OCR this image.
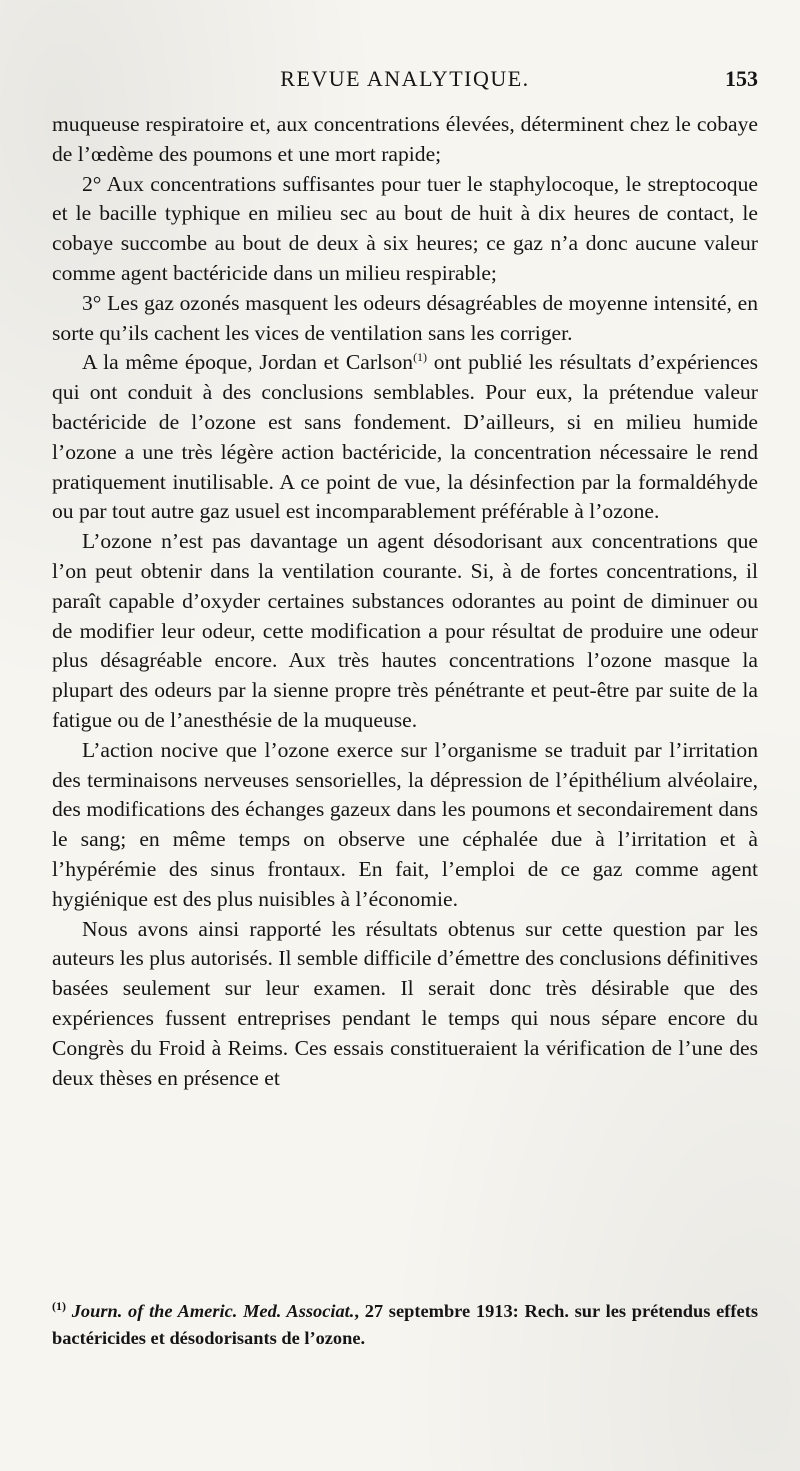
REVUE ANALYTIQUE.	153

muqueuse respiratoire et, aux concentrations élevées, déterminent chez le cobaye de l’œdème des poumons et une mort rapide;

2° Aux concentrations suffisantes pour tuer le staphylocoque, le streptocoque et le bacille typhique en milieu sec au bout de huit à dix heures de contact, le cobaye succombe au bout de deux à six heures; ce gaz n’a donc aucune valeur comme agent bactéricide dans un milieu respirable;

3° Les gaz ozonés masquent les odeurs désagréables de moyenne intensité, en sorte qu’ils cachent les vices de ventilation sans les corriger.

A la même époque, Jordan et Carlson$^{(1)}$ ont publié les résultats d’expériences qui ont conduit à des conclusions semblables. Pour eux, la prétendue valeur bactéricide de l’ozone est sans fondement. D’ailleurs, si en milieu humide l’ozone a une très légère action bactéricide, la concentration nécessaire le rend pratiquement inutilisable. A ce point de vue, la désinfection par la formaldéhyde ou par tout autre gaz usuel est incomparablement préférable à l’ozone.

L’ozone n’est pas davantage un agent désodorisant aux concentrations que l’on peut obtenir dans la ventilation courante. Si, à de fortes concentrations, il paraît capable d’oxyder certaines substances odorantes au point de diminuer ou de modifier leur odeur, cette modification a pour résultat de produire une odeur plus désagréable encore. Aux très hautes concentrations l’ozone masque la plupart des odeurs par la sienne propre très pénétrante et peut-être par suite de la fatigue ou de l’anesthésie de la muqueuse.

L’action nocive que l’ozone exerce sur l’organisme se traduit par l’irritation des terminaisons nerveuses sensorielles, la dépression de l’épithélium alvéolaire, des modifications des échanges gazeux dans les poumons et secondairement dans le sang; en même temps on observe une céphalée due à l’irritation et à l’hypérémie des sinus frontaux. En fait, l’emploi de ce gaz comme agent hygiénique est des plus nuisibles à l’économie.

Nous avons ainsi rapporté les résultats obtenus sur cette question par les auteurs les plus autorisés. Il semble difficile d’émettre des conclusions définitives basées seulement sur leur examen. Il serait donc très désirable que des expériences fussent entreprises pendant le temps qui nous sépare encore du Congrès du Froid à Reims. Ces essais constitueraient la vérification de l’une des deux thèses en présence et

$^{(1)}$ Journ. of the Americ. Med. Associat., 27 septembre 1913: Rech. sur les prétendus effets bactéricides et désodorisants de l’ozone.
